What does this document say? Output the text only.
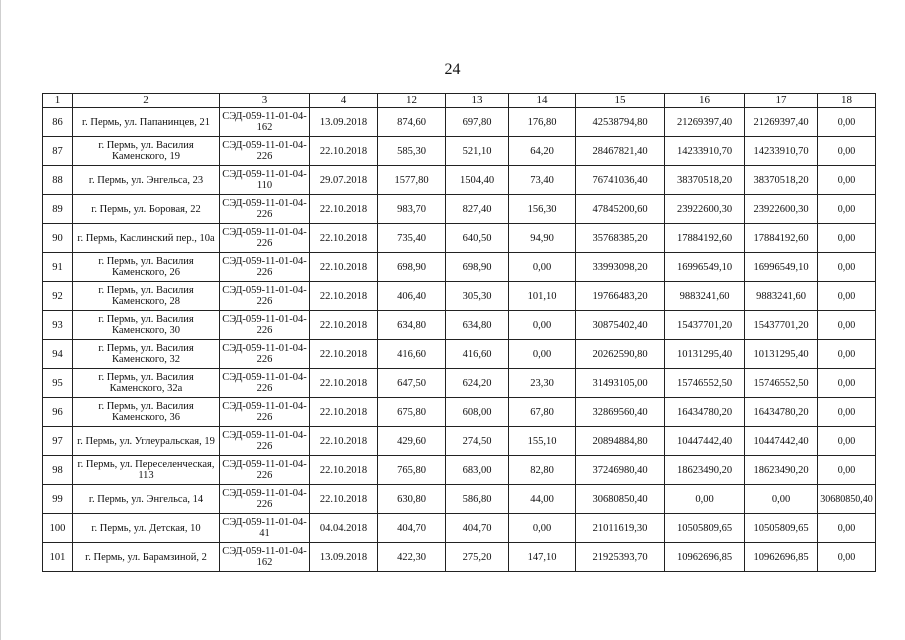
24
1	2	3	4	12	13	14	15	16	17	18
86	г. Пермь, ул. Папанинцев, 21	СЭД-059-11-01-04-162	13.09.2018	874,60	697,80	176,80	42538794,80	21269397,40	21269397,40	0,00
87	г. Пермь, ул. Василия Каменского, 19	СЭД-059-11-01-04-226	22.10.2018	585,30	521,10	64,20	28467821,40	14233910,70	14233910,70	0,00
88	г. Пермь, ул. Энгельса, 23	СЭД-059-11-01-04-110	29.07.2018	1577,80	1504,40	73,40	76741036,40	38370518,20	38370518,20	0,00
89	г. Пермь, ул. Боровая, 22	СЭД-059-11-01-04-226	22.10.2018	983,70	827,40	156,30	47845200,60	23922600,30	23922600,30	0,00
90	г. Пермь, Каслинский пер., 10а	СЭД-059-11-01-04-226	22.10.2018	735,40	640,50	94,90	35768385,20	17884192,60	17884192,60	0,00
91	г. Пермь, ул. Василия Каменского, 26	СЭД-059-11-01-04-226	22.10.2018	698,90	698,90	0,00	33993098,20	16996549,10	16996549,10	0,00
92	г. Пермь, ул. Василия Каменского, 28	СЭД-059-11-01-04-226	22.10.2018	406,40	305,30	101,10	19766483,20	9883241,60	9883241,60	0,00
93	г. Пермь, ул. Василия Каменского, 30	СЭД-059-11-01-04-226	22.10.2018	634,80	634,80	0,00	30875402,40	15437701,20	15437701,20	0,00
94	г. Пермь, ул. Василия Каменского, 32	СЭД-059-11-01-04-226	22.10.2018	416,60	416,60	0,00	20262590,80	10131295,40	10131295,40	0,00
95	г. Пермь, ул. Василия Каменского, 32а	СЭД-059-11-01-04-226	22.10.2018	647,50	624,20	23,30	31493105,00	15746552,50	15746552,50	0,00
96	г. Пермь, ул. Василия Каменского, 36	СЭД-059-11-01-04-226	22.10.2018	675,80	608,00	67,80	32869560,40	16434780,20	16434780,20	0,00
97	г. Пермь, ул. Углеуральская, 19	СЭД-059-11-01-04-226	22.10.2018	429,60	274,50	155,10	20894884,80	10447442,40	10447442,40	0,00
98	г. Пермь, ул. Переселенческая, 113	СЭД-059-11-01-04-226	22.10.2018	765,80	683,00	82,80	37246980,40	18623490,20	18623490,20	0,00
99	г. Пермь, ул. Энгельса, 14	СЭД-059-11-01-04-226	22.10.2018	630,80	586,80	44,00	30680850,40	0,00	0,00	30680850,40
100	г. Пермь, ул. Детская, 10	СЭД-059-11-01-04-41	04.04.2018	404,70	404,70	0,00	21011619,30	10505809,65	10505809,65	0,00
101	г. Пермь, ул. Барамзиной, 2	СЭД-059-11-01-04-162	13.09.2018	422,30	275,20	147,10	21925393,70	10962696,85	10962696,85	0,00
